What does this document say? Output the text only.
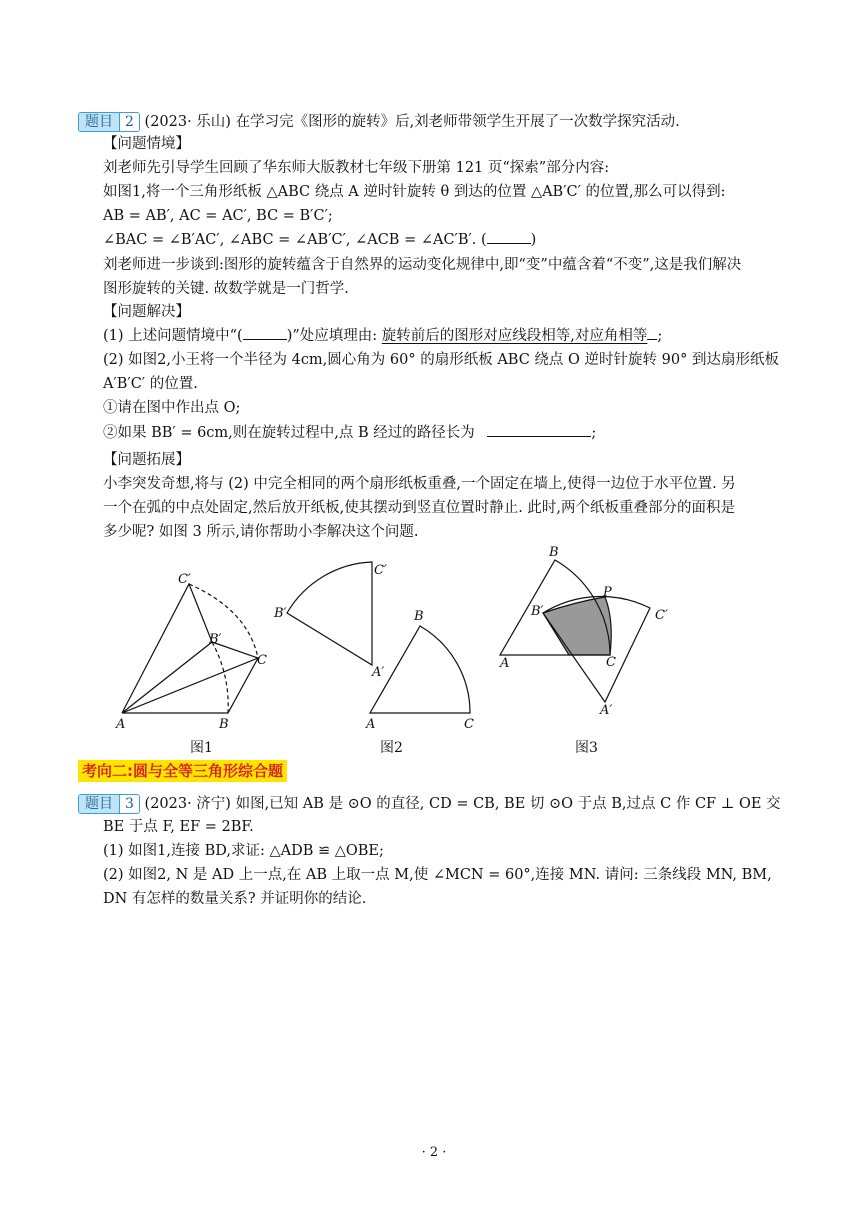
题目 2 (2023· 乐山) 在学习完《图形的旋转》后,刘老师带领学生开展了一次数学探究活动.
【问题情境】
刘老师先引导学生回顾了华东师大版教材七年级下册第 121 页“探索”部分内容:
如图1,将一个三角形纸板 △ABC 绕点 A 逆时针旋转 θ 到达的位置 △AB′C′ 的位置,那么可以得到:
AB = AB′, AC = AC′, BC = B′C′;
∠BAC = ∠B′AC′, ∠ABC = ∠AB′C′, ∠ACB = ∠AC′B′. (	)
刘老师进一步谈到:图形的旋转蕴含于自然界的运动变化规律中,即“变”中蕴含着“不变”,这是我们解决
图形旋转的关键. 故数学就是一门哲学.
【问题解决】
(1) 上述问题情境中“(	)”处应填理由: 旋转前后的图形对应线段相等,对应角相等 ;
(2) 如图2,小王将一个半径为 4cm,圆心角为 60° 的扇形纸板 ABC 绕点 O 逆时针旋转 90° 到达扇形纸板
A′B′C′ 的位置.
①请在图中作出点 O;
②如果 BB′ = 6cm,则在旋转过程中,点 B 经过的路径长为	;
【问题拓展】
小李突发奇想,将与 (2) 中完全相同的两个扇形纸板重叠,一个固定在墙上,使得一边位于水平位置. 另
一个在弧的中点处固定,然后放开纸板,使其摆动到竖直位置时静止. 此时,两个纸板重叠部分的面积是
多少呢? 如图 3 所示,请你帮助小李解决这个问题.
A	B
C
B′
C′
A
B
C
A′
B′
C′
A
B
C
A′
B′	C′
P
图1	图2	图3
考向二:圆与全等三角形综合题
题目 3 (2023· 济宁) 如图,已知 AB 是 ⊙O 的直径, CD = CB, BE 切 ⊙O 于点 B,过点 C 作 CF ⊥ OE 交
BE 于点 F, EF = 2BF.
(1) 如图1,连接 BD,求证: △ADB ≌ △OBE;
(2) 如图2, N 是 AD 上一点,在 AB 上取一点 M,使 ∠MCN = 60°,连接 MN. 请问: 三条线段 MN, BM,
DN 有怎样的数量关系? 并证明你的结论.
· 2 ·
